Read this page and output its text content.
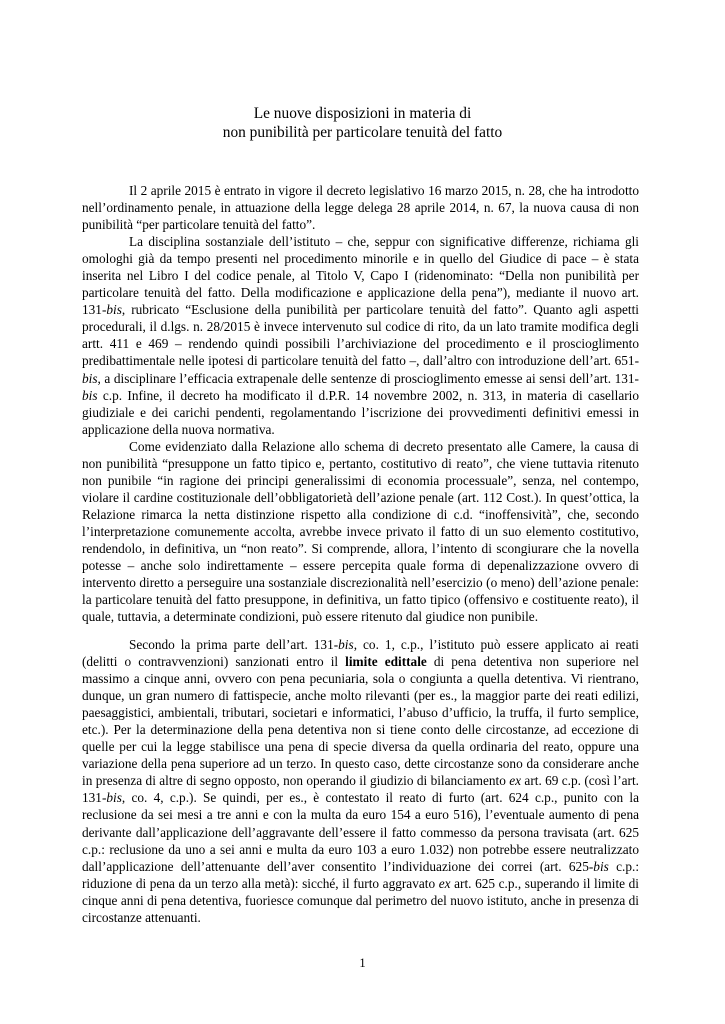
Le nuove disposizioni in materia di
non punibilità per particolare tenuità del fatto

Il 2 aprile 2015 è entrato in vigore il decreto legislativo 16 marzo 2015, n. 28, che ha introdotto nell’ordinamento penale, in attuazione della legge delega 28 aprile 2014, n. 67, la nuova causa di non punibilità “per particolare tenuità del fatto”.

La disciplina sostanziale dell’istituto – che, seppur con significative differenze, richiama gli omologhi già da tempo presenti nel procedimento minorile e in quello del Giudice di pace – è stata inserita nel Libro I del codice penale, al Titolo V, Capo I (ridenominato: “Della non punibilità per particolare tenuità del fatto. Della modificazione e applicazione della pena”), mediante il nuovo art. 131-bis, rubricato “Esclusione della punibilità per particolare tenuità del fatto”. Quanto agli aspetti procedurali, il d.lgs. n. 28/2015 è invece intervenuto sul codice di rito, da un lato tramite modifica degli artt. 411 e 469 – rendendo quindi possibili l’archiviazione del procedimento e il proscioglimento predibattimentale nelle ipotesi di particolare tenuità del fatto –, dall’altro con introduzione dell’art. 651-bis, a disciplinare l’efficacia extrapenale delle sentenze di proscioglimento emesse ai sensi dell’art. 131-bis c.p. Infine, il decreto ha modificato il d.P.R. 14 novembre 2002, n. 313, in materia di casellario giudiziale e dei carichi pendenti, regolamentando l’iscrizione dei provvedimenti definitivi emessi in applicazione della nuova normativa.

Come evidenziato dalla Relazione allo schema di decreto presentato alle Camere, la causa di non punibilità “presuppone un fatto tipico e, pertanto, costitutivo di reato”, che viene tuttavia ritenuto non punibile “in ragione dei principi generalissimi di economia processuale”, senza, nel contempo, violare il cardine costituzionale dell’obbligatorietà dell’azione penale (art. 112 Cost.). In quest’ottica, la Relazione rimarca la netta distinzione rispetto alla condizione di c.d. “inoffensività”, che, secondo l’interpretazione comunemente accolta, avrebbe invece privato il fatto di un suo elemento costitutivo, rendendolo, in definitiva, un “non reato”. Si comprende, allora, l’intento di scongiurare che la novella potesse – anche solo indirettamente – essere percepita quale forma di depenalizzazione ovvero di intervento diretto a perseguire una sostanziale discrezionalità nell’esercizio (o meno) dell’azione penale: la particolare tenuità del fatto presuppone, in definitiva, un fatto tipico (offensivo e costituente reato), il quale, tuttavia, a determinate condizioni, può essere ritenuto dal giudice non punibile.

Secondo la prima parte dell’art. 131-bis, co. 1, c.p., l’istituto può essere applicato ai reati (delitti o contravvenzioni) sanzionati entro il limite edittale di pena detentiva non superiore nel massimo a cinque anni, ovvero con pena pecuniaria, sola o congiunta a quella detentiva. Vi rientrano, dunque, un gran numero di fattispecie, anche molto rilevanti (per es., la maggior parte dei reati edilizi, paesaggistici, ambientali, tributari, societari e informatici, l’abuso d’ufficio, la truffa, il furto semplice, etc.). Per la determinazione della pena detentiva non si tiene conto delle circostanze, ad eccezione di quelle per cui la legge stabilisce una pena di specie diversa da quella ordinaria del reato, oppure una variazione della pena superiore ad un terzo. In questo caso, dette circostanze sono da considerare anche in presenza di altre di segno opposto, non operando il giudizio di bilanciamento ex art. 69 c.p. (così l’art. 131-bis, co. 4, c.p.). Se quindi, per es., è contestato il reato di furto (art. 624 c.p., punito con la reclusione da sei mesi a tre anni e con la multa da euro 154 a euro 516), l’eventuale aumento di pena derivante dall’applicazione dell’aggravante dell’essere il fatto commesso da persona travisata (art. 625 c.p.: reclusione da uno a sei anni e multa da euro 103 a euro 1.032) non potrebbe essere neutralizzato dall’applicazione dell’attenuante dell’aver consentito l’individuazione dei correi (art. 625-bis c.p.: riduzione di pena da un terzo alla metà): sicché, il furto aggravato ex art. 625 c.p., superando il limite di cinque anni di pena detentiva, fuoriesce comunque dal perimetro del nuovo istituto, anche in presenza di circostanze attenuanti.

1
